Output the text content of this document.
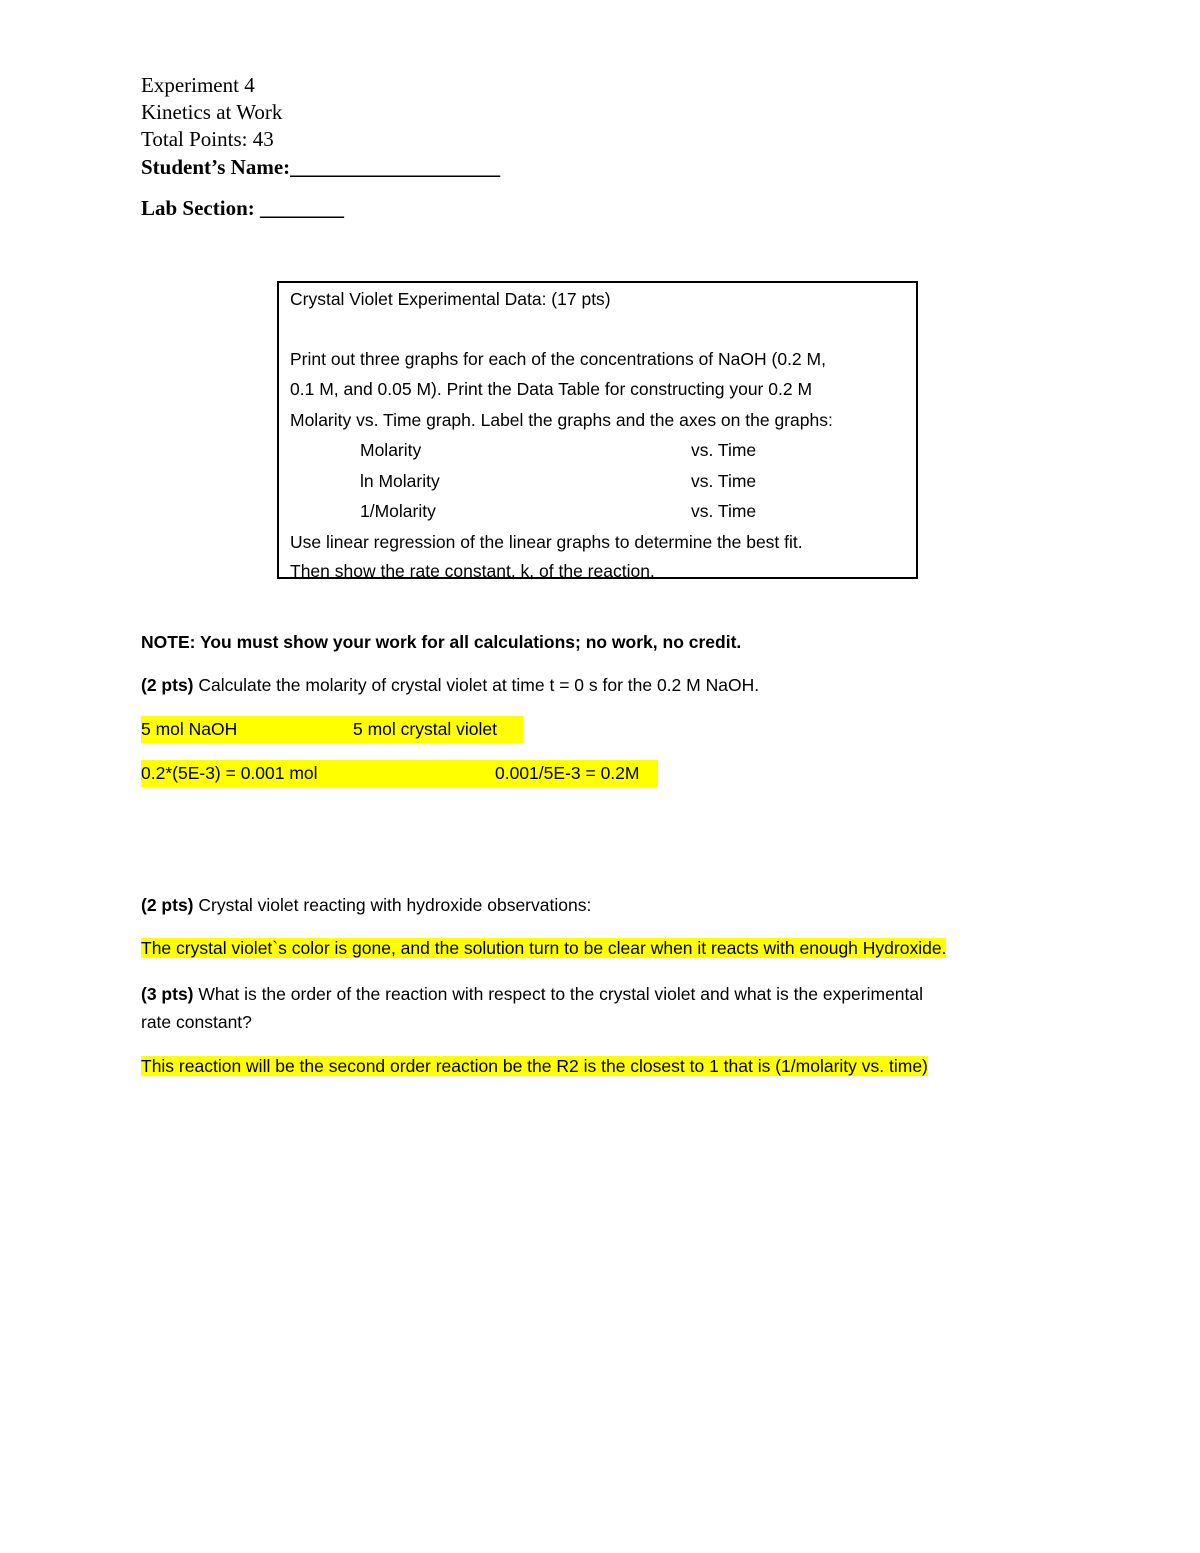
Experiment 4
Kinetics at Work
Total Points: 43
Student’s Name:____________________
Lab Section: ________
Crystal Violet Experimental Data: (17 pts)
Print out three graphs for each of the concentrations of NaOH (0.2 M,
0.1 M, and 0.05 M). Print the Data Table for constructing your 0.2 M
Molarity vs. Time graph. Label the graphs and the axes on the graphs:
Molarity	vs. Time
ln Molarity	vs. Time
1/Molarity	vs. Time
Use linear regression of the linear graphs to determine the best fit.
Then show the rate constant, k, of the reaction.
NOTE: You must show your work for all calculations; no work, no credit.
(2 pts) Calculate the molarity of crystal violet at time t = 0 s for the 0.2 M NaOH.
5 mol NaOH	5 mol crystal violet
0.2*(5E-3) = 0.001 mol	0.001/5E-3 = 0.2M
(2 pts) Crystal violet reacting with hydroxide observations:
The crystal violet`s color is gone, and the solution turn to be clear when it reacts with enough Hydroxide.
(3 pts) What is the order of the reaction with respect to the crystal violet and what is the experimental
rate constant?
This reaction will be the second order reaction be the R2 is the closest to 1 that is (1/molarity vs. time)
